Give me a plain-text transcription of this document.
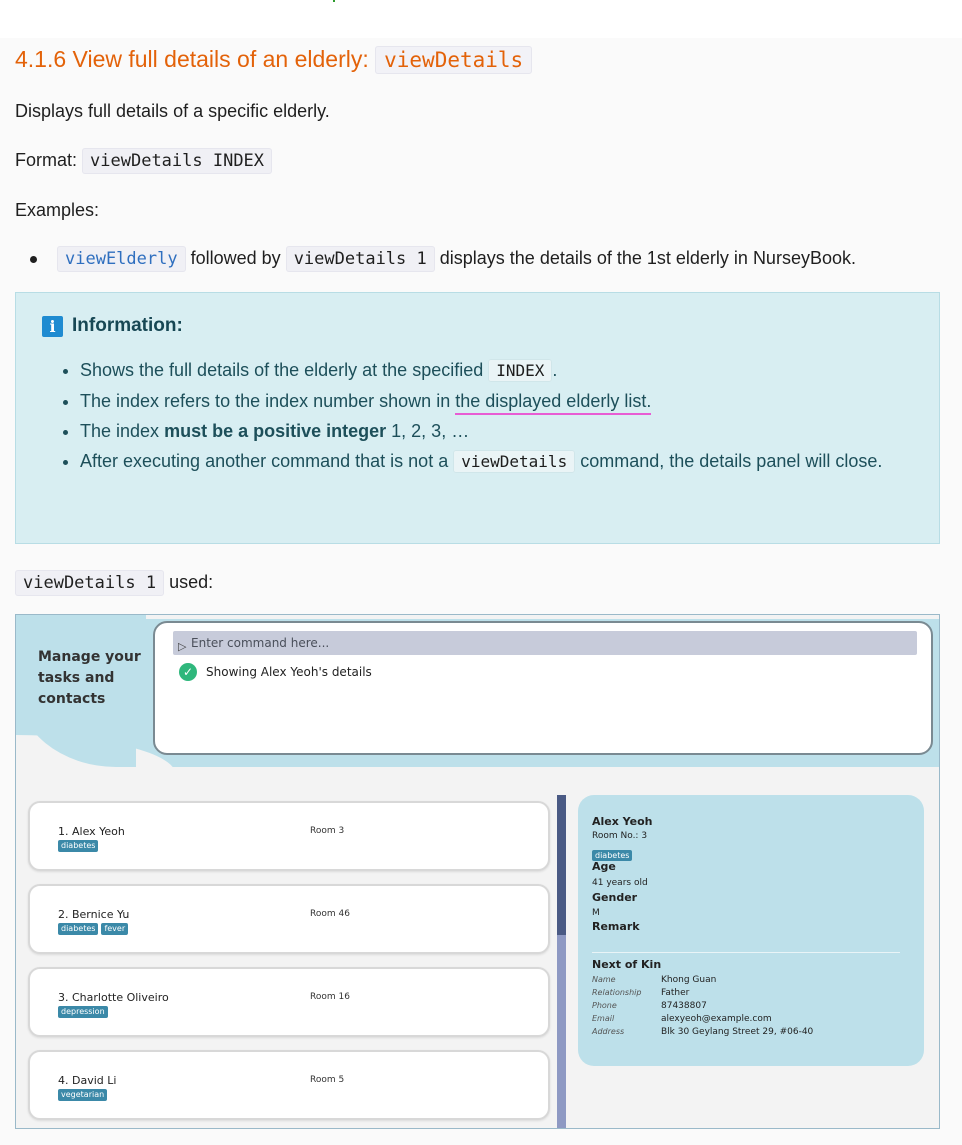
4.1.6 View full details of an elderly: viewDetails
Displays full details of a specific elderly.
Format: viewDetails INDEX
Examples:
viewElderly followed by viewDetails 1 displays the details of the 1st elderly in NurseyBook.
i Information:
• Shows the full details of the elderly at the specified INDEX .
• The index refers to the index number shown in the displayed elderly list.
• The index must be a positive integer 1, 2, 3, …
• After executing another command that is not a viewDetails command, the details panel will close.
viewDetails 1 used:
Manage your tasks and contacts
▷ Enter command here...
✓	Showing Alex Yeoh's details
1. Alex Yeoh
diabetes
Room 3
2. Bernice Yu
diabetes	fever
Room 46
3. Charlotte Oliveiro
depression
Room 16
4. David Li
vegetarian
Room 5
Alex Yeoh
Room No.: 3
diabetes
Age
41 years old
Gender
M
Remark
Next of Kin
Name	Khong Guan
Relationship Father
Phone	87438807
Email	alexyeoh@example.com
Address	Blk 30 Geylang Street 29, #06-40
